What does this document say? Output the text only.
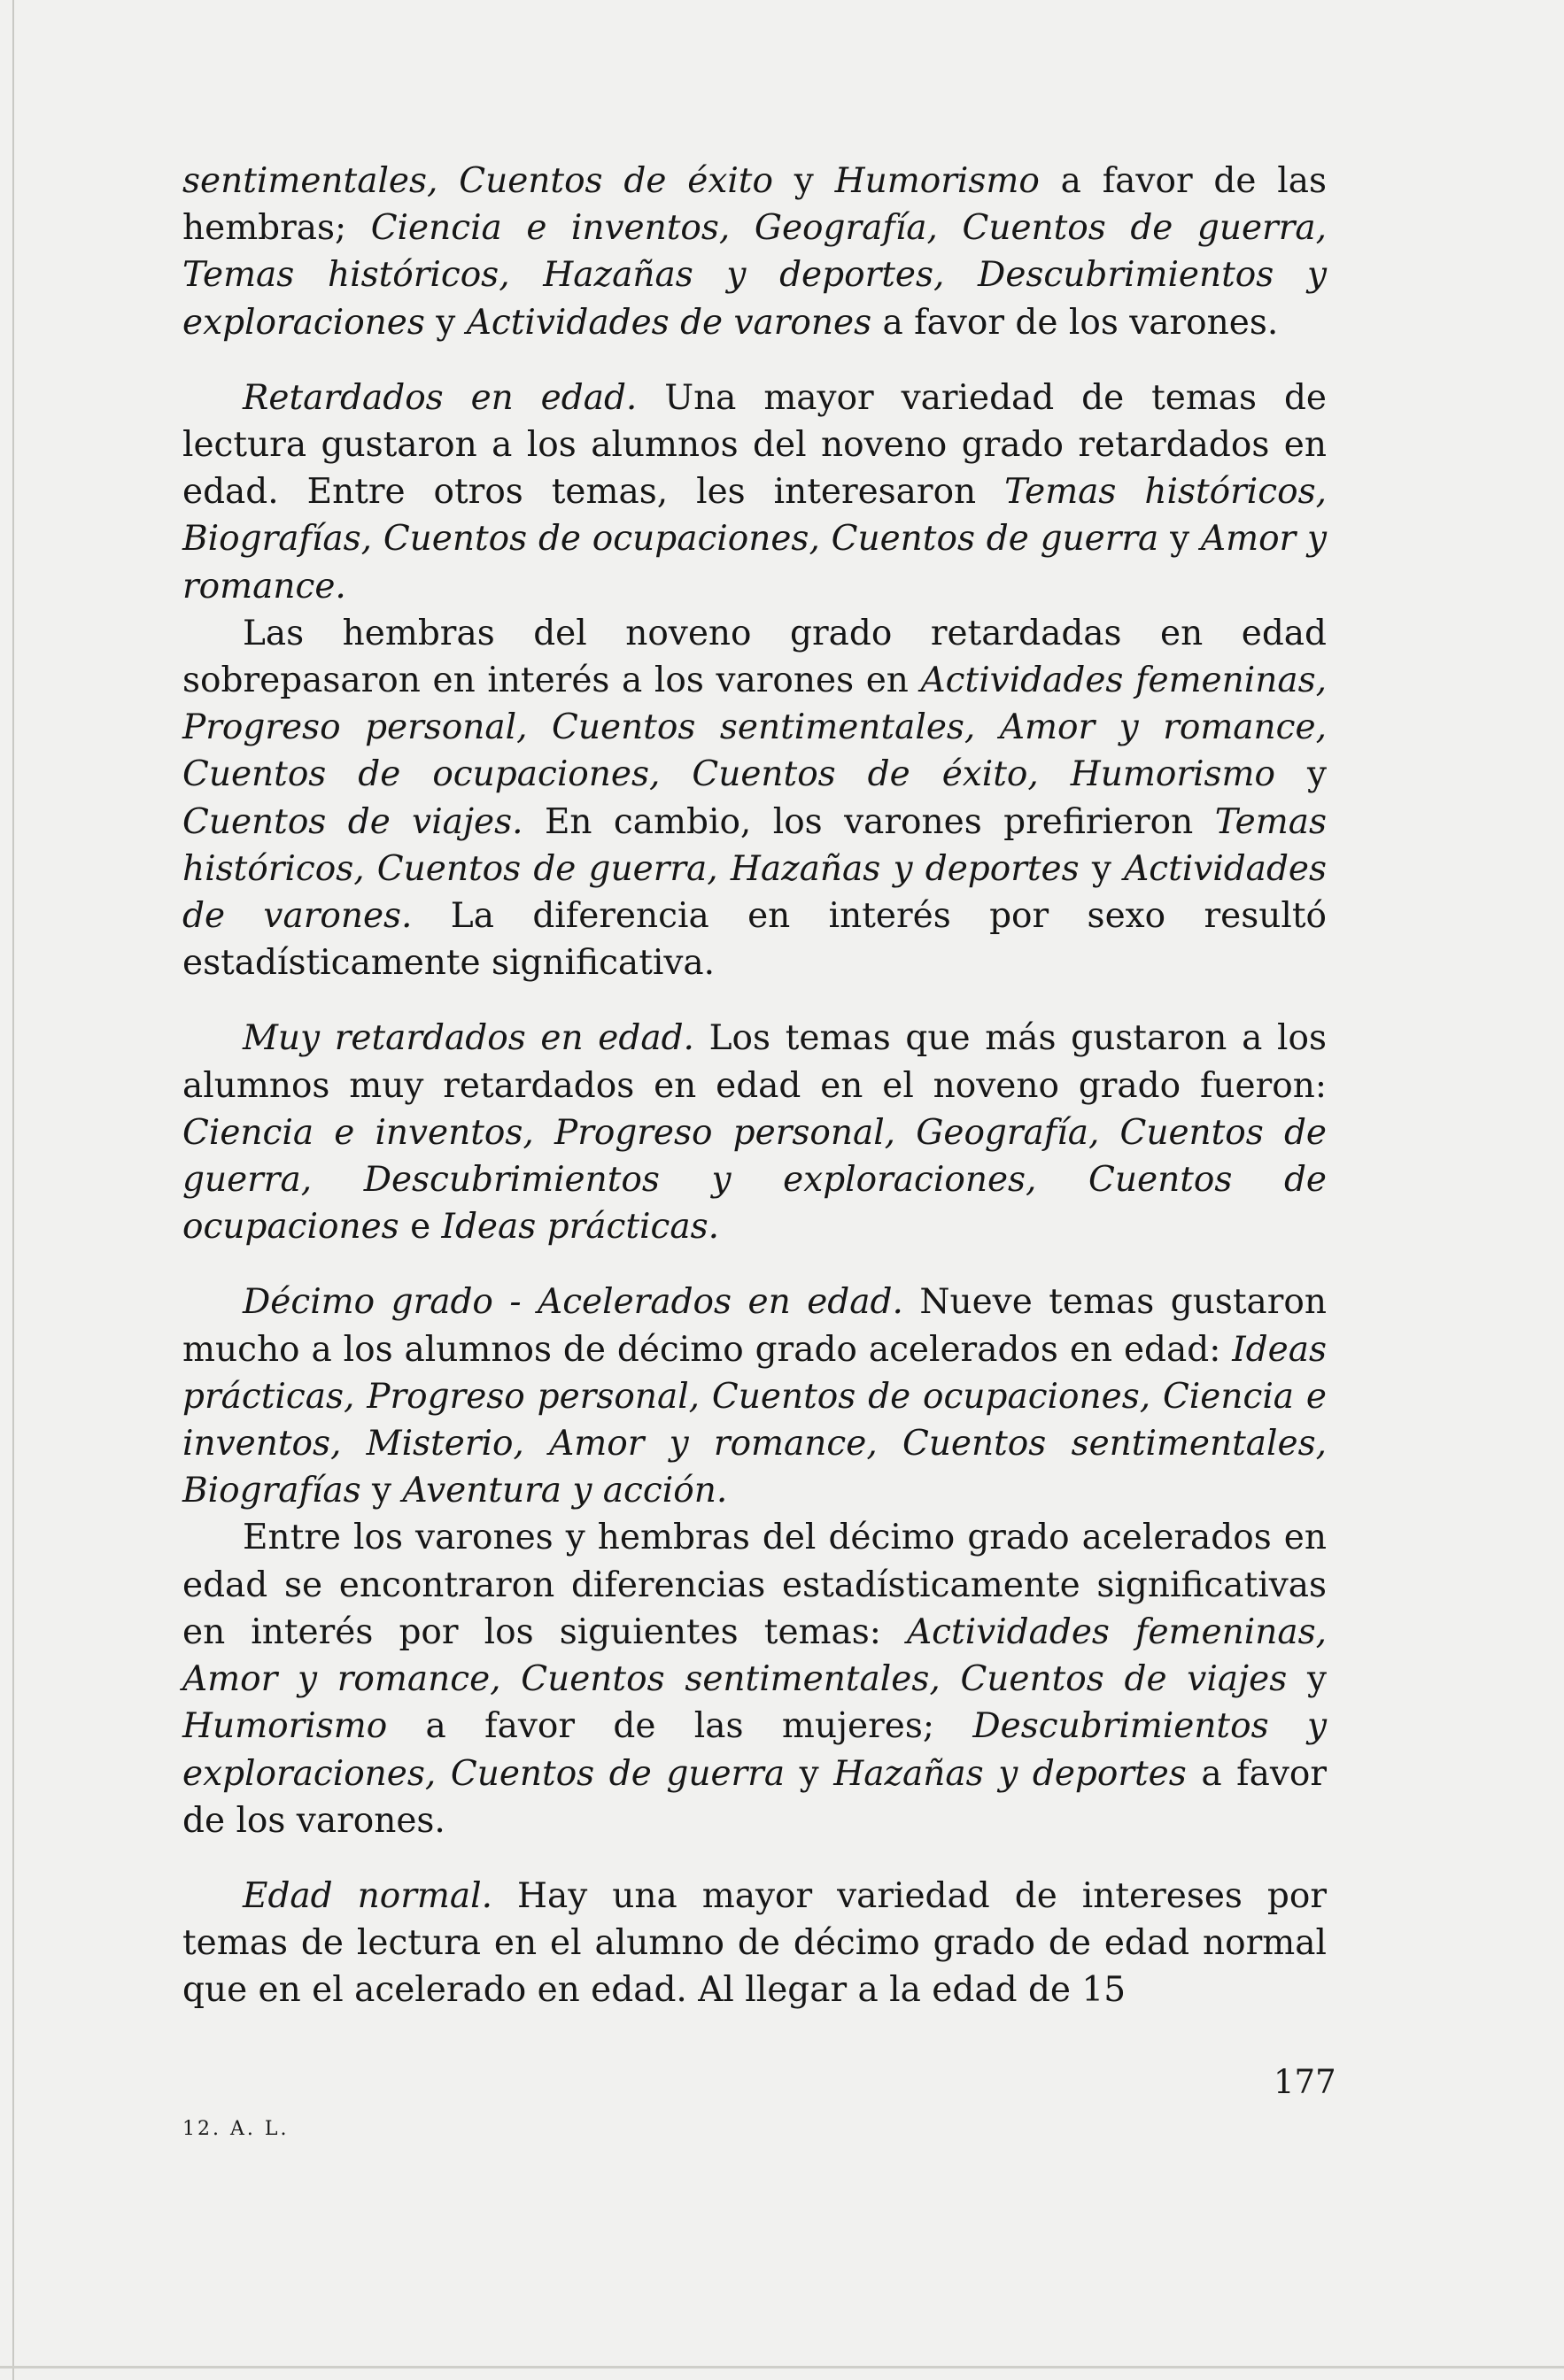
sentimentales, Cuentos de éxito y Humorismo a favor de las hembras; Ciencia e inventos, Geografía, Cuentos de guerra, Temas históricos, Hazañas y deportes, Descubrimientos y exploraciones y Actividades de varones a favor de los varones.

Retardados en edad. Una mayor variedad de temas de lectura gustaron a los alumnos del noveno grado retardados en edad. Entre otros temas, les interesaron Temas históricos, Biografías, Cuentos de ocupaciones, Cuentos de guerra y Amor y romance.

Las hembras del noveno grado retardadas en edad sobrepasaron en interés a los varones en Actividades femeninas, Progreso personal, Cuentos sentimentales, Amor y romance, Cuentos de ocupaciones, Cuentos de éxito, Humorismo y Cuentos de viajes. En cambio, los varones prefirieron Temas históricos, Cuentos de guerra, Hazañas y deportes y Actividades de varones. La diferencia en interés por sexo resultó estadísticamente significativa.

Muy retardados en edad. Los temas que más gustaron a los alumnos muy retardados en edad en el noveno grado fueron: Ciencia e inventos, Progreso personal, Geografía, Cuentos de guerra, Descubrimientos y exploraciones, Cuentos de ocupaciones e Ideas prácticas.

Décimo grado - Acelerados en edad. Nueve temas gustaron mucho a los alumnos de décimo grado acelerados en edad: Ideas prácticas, Progreso personal, Cuentos de ocupaciones, Ciencia e inventos, Misterio, Amor y romance, Cuentos sentimentales, Biografías y Aventura y acción.

Entre los varones y hembras del décimo grado acelerados en edad se encontraron diferencias estadísticamente significativas en interés por los siguientes temas: Actividades femeninas, Amor y romance, Cuentos sentimentales, Cuentos de viajes y Humorismo a favor de las mujeres; Descubrimientos y exploraciones, Cuentos de guerra y Hazañas y deportes a favor de los varones.

Edad normal. Hay una mayor variedad de intereses por temas de lectura en el alumno de décimo grado de edad normal que en el acelerado en edad. Al llegar a la edad de 15

177
12. A. L.
